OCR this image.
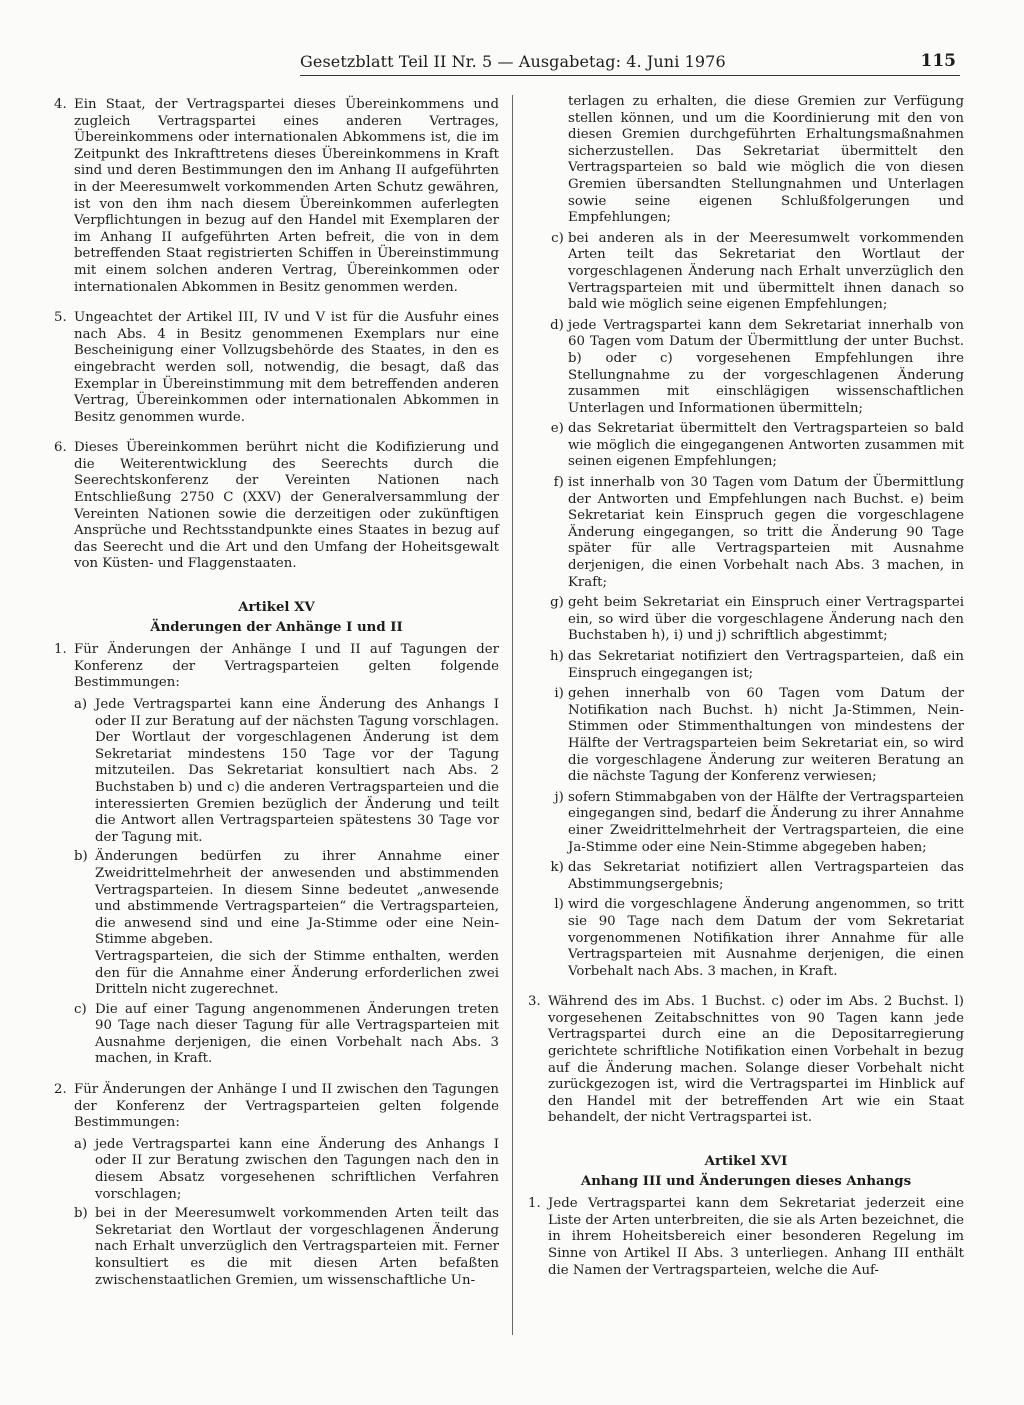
Gesetzblatt Teil II Nr. 5 — Ausgabetag: 4. Juni 1976	115
4. Ein Staat, der Vertragspartei dieses Übereinkommens und zugleich Vertragspartei eines anderen Vertrages, Übereinkommens oder internationalen Abkommens ist, die im Zeitpunkt des Inkrafttretens dieses Übereinkommens in Kraft sind und deren Bestimmungen den im Anhang II aufgeführten in der Meeresumwelt vorkommenden Arten Schutz gewähren, ist von den ihm nach diesem Übereinkommen auferlegten Verpflichtungen in bezug auf den Handel mit Exemplaren der im Anhang II aufgeführten Arten befreit, die von in dem betreffenden Staat registrierten Schiffen in Übereinstimmung mit einem solchen anderen Vertrag, Übereinkommen oder internationalen Abkommen in Besitz genommen werden.
5. Ungeachtet der Artikel III, IV und V ist für die Ausfuhr eines nach Abs. 4 in Besitz genommenen Exemplars nur eine Bescheinigung einer Vollzugsbehörde des Staates, in den es eingebracht werden soll, notwendig, die besagt, daß das Exemplar in Übereinstimmung mit dem betreffenden anderen Vertrag, Übereinkommen oder internationalen Abkommen in Besitz genommen wurde.
6. Dieses Übereinkommen berührt nicht die Kodifizierung und die Weiterentwicklung des Seerechts durch die Seerechtskonferenz der Vereinten Nationen nach Entschließung 2750 C (XXV) der Generalversammlung der Vereinten Nationen sowie die derzeitigen oder zukünftigen Ansprüche und Rechtsstandpunkte eines Staates in bezug auf das Seerecht und die Art und den Umfang der Hoheitsgewalt von Küsten- und Flaggenstaaten.
Artikel XV
Änderungen der Anhänge I und II
1. Für Änderungen der Anhänge I und II auf Tagungen der Konferenz der Vertragsparteien gelten folgende Bestimmungen:
a) Jede Vertragspartei kann eine Änderung des Anhangs I oder II zur Beratung auf der nächsten Tagung vorschlagen. Der Wortlaut der vorgeschlagenen Änderung ist dem Sekretariat mindestens 150 Tage vor der Tagung mitzuteilen. Das Sekretariat konsultiert nach Abs. 2 Buchstaben b) und c) die anderen Vertragsparteien und die interessierten Gremien bezüglich der Änderung und teilt die Antwort allen Vertragsparteien spätestens 30 Tage vor der Tagung mit.
b) Änderungen bedürfen zu ihrer Annahme einer Zweidrittelmehrheit der anwesenden und abstimmenden Vertragsparteien. In diesem Sinne bedeutet „anwesende und abstimmende Vertragsparteien“ die Vertragsparteien, die anwesend sind und eine Ja-Stimme oder eine Nein-Stimme abgeben.
Vertragsparteien, die sich der Stimme enthalten, werden den für die Annahme einer Änderung erforderlichen zwei Dritteln nicht zugerechnet.
c) Die auf einer Tagung angenommenen Änderungen treten 90 Tage nach dieser Tagung für alle Vertragsparteien mit Ausnahme derjenigen, die einen Vorbehalt nach Abs. 3 machen, in Kraft.
2. Für Änderungen der Anhänge I und II zwischen den Tagungen der Konferenz der Vertragsparteien gelten folgende Bestimmungen:
a) jede Vertragspartei kann eine Änderung des Anhangs I oder II zur Beratung zwischen den Tagungen nach den in diesem Absatz vorgesehenen schriftlichen Verfahren vorschlagen;
b) bei in der Meeresumwelt vorkommenden Arten teilt das Sekretariat den Wortlaut der vorgeschlagenen Änderung nach Erhalt unverzüglich den Vertragsparteien mit. Ferner konsultiert es die mit diesen Arten befaßten zwischenstaatlichen Gremien, um wissenschaftliche Un-
terlagen zu erhalten, die diese Gremien zur Verfügung stellen können, und um die Koordinierung mit den von diesen Gremien durchgeführten Erhaltungsmaßnahmen sicherzustellen. Das Sekretariat übermittelt den Vertragsparteien so bald wie möglich die von diesen Gremien übersandten Stellungnahmen und Unterlagen sowie seine eigenen Schlußfolgerungen und Empfehlungen;
c) bei anderen als in der Meeresumwelt vorkommenden Arten teilt das Sekretariat den Wortlaut der vorgeschlagenen Änderung nach Erhalt unverzüglich den Vertragsparteien mit und übermittelt ihnen danach so bald wie möglich seine eigenen Empfehlungen;
d) jede Vertragspartei kann dem Sekretariat innerhalb von 60 Tagen vom Datum der Übermittlung der unter Buchst. b) oder c) vorgesehenen Empfehlungen ihre Stellungnahme zu der vorgeschlagenen Änderung zusammen mit einschlägigen wissenschaftlichen Unterlagen und Informationen übermitteln;
e) das Sekretariat übermittelt den Vertragsparteien so bald wie möglich die eingegangenen Antworten zusammen mit seinen eigenen Empfehlungen;
f) ist innerhalb von 30 Tagen vom Datum der Übermittlung der Antworten und Empfehlungen nach Buchst. e) beim Sekretariat kein Einspruch gegen die vorgeschlagene Änderung eingegangen, so tritt die Änderung 90 Tage später für alle Vertragsparteien mit Ausnahme derjenigen, die einen Vorbehalt nach Abs. 3 machen, in Kraft;
g) geht beim Sekretariat ein Einspruch einer Vertragspartei ein, so wird über die vorgeschlagene Änderung nach den Buchstaben h), i) und j) schriftlich abgestimmt;
h) das Sekretariat notifiziert den Vertragsparteien, daß ein Einspruch eingegangen ist;
i) gehen innerhalb von 60 Tagen vom Datum der Notifikation nach Buchst. h) nicht Ja-Stimmen, Nein-Stimmen oder Stimmenthaltungen von mindestens der Hälfte der Vertragsparteien beim Sekretariat ein, so wird die vorgeschlagene Änderung zur weiteren Beratung an die nächste Tagung der Konferenz verwiesen;
j) sofern Stimmabgaben von der Hälfte der Vertragsparteien eingegangen sind, bedarf die Änderung zu ihrer Annahme einer Zweidrittelmehrheit der Vertragsparteien, die eine Ja-Stimme oder eine Nein-Stimme abgegeben haben;
k) das Sekretariat notifiziert allen Vertragsparteien das Abstimmungsergebnis;
l) wird die vorgeschlagene Änderung angenommen, so tritt sie 90 Tage nach dem Datum der vom Sekretariat vorgenommenen Notifikation ihrer Annahme für alle Vertragsparteien mit Ausnahme derjenigen, die einen Vorbehalt nach Abs. 3 machen, in Kraft.
3. Während des im Abs. 1 Buchst. c) oder im Abs. 2 Buchst. l) vorgesehenen Zeitabschnittes von 90 Tagen kann jede Vertragspartei durch eine an die Depositarregierung gerichtete schriftliche Notifikation einen Vorbehalt in bezug auf die Änderung machen. Solange dieser Vorbehalt nicht zurückgezogen ist, wird die Vertragspartei im Hinblick auf den Handel mit der betreffenden Art wie ein Staat behandelt, der nicht Vertragspartei ist.
Artikel XVI
Anhang III und Änderungen dieses Anhangs
1. Jede Vertragspartei kann dem Sekretariat jederzeit eine Liste der Arten unterbreiten, die sie als Arten bezeichnet, die in ihrem Hoheitsbereich einer besonderen Regelung im Sinne von Artikel II Abs. 3 unterliegen. Anhang III enthält die Namen der Vertragsparteien, welche die Auf-
